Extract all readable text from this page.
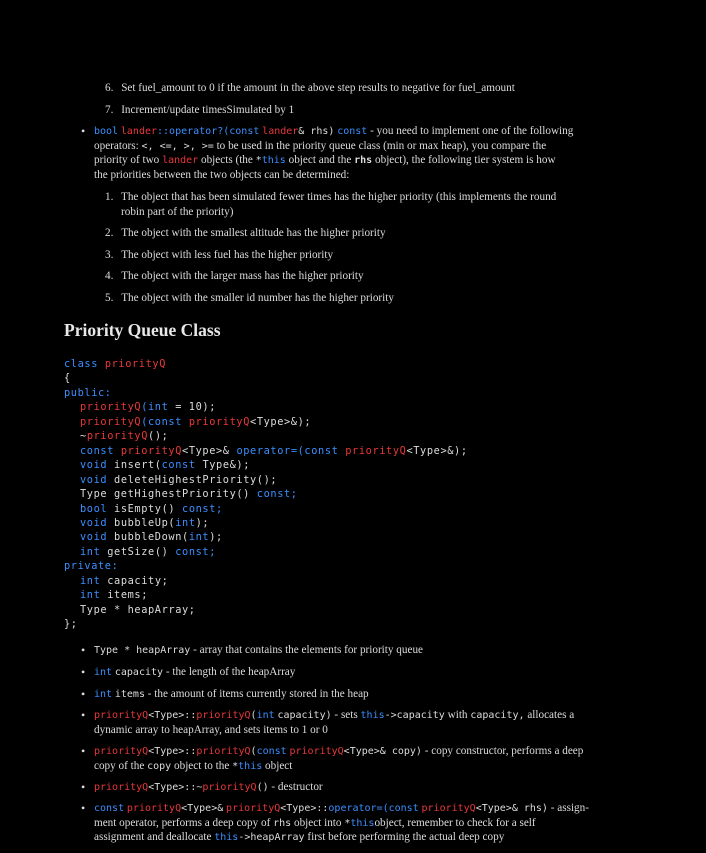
6. Set fuel_amount to 0 if the amount in the above step results to negative for fuel_amount
7. Increment/update timesSimulated by 1
bool lander::operator?(const lander& rhs) const - you need to implement one of the following
operators: <, <=, >, >= to be used in the priority queue class (min or max heap), you compare the
priority of two lander objects (the *this object and the rhs object), the following tier system is how
the priorities between the two objects can be determined:
1. The object that has been simulated fewer times has the higher priority (this implements the round
robin part of the priority)
2. The object with the smallest altitude has the higher priority
3. The object with less fuel has the higher priority
4. The object with the larger mass has the higher priority
5. The object with the smaller id number has the higher priority
Priority Queue Class
class priorityQ
{
public:
priorityQ(int = 10);
priorityQ(const priorityQ<Type>&);
~priorityQ();
const priorityQ<Type>& operator=(const priorityQ<Type>&);
void insert(const Type&);
void deleteHighestPriority();
Type getHighestPriority() const;
bool isEmpty() const;
void bubbleUp(int);
void bubbleDown(int);
int getSize() const;
private:
int capacity;
int items;
Type * heapArray;
};
Type * heapArray - array that contains the elements for priority queue
int capacity - the length of the heapArray
int items - the amount of items currently stored in the heap
priorityQ<Type>::priorityQ(int capacity) - sets this->capacity with capacity, allocates a
dynamic array to heapArray, and sets items to 1 or 0
priorityQ<Type>::priorityQ(const priorityQ<Type>& copy) - copy constructor, performs a deep
copy of the copy object to the *this object
priorityQ<Type>::~priorityQ() - destructor
const priorityQ<Type>& priorityQ<Type>::operator=(const priorityQ<Type>& rhs) - assign-
ment operator, performs a deep copy of rhs object into *thisobject, remember to check for a self
assignment and deallocate this->heapArray first before performing the actual deep copy
